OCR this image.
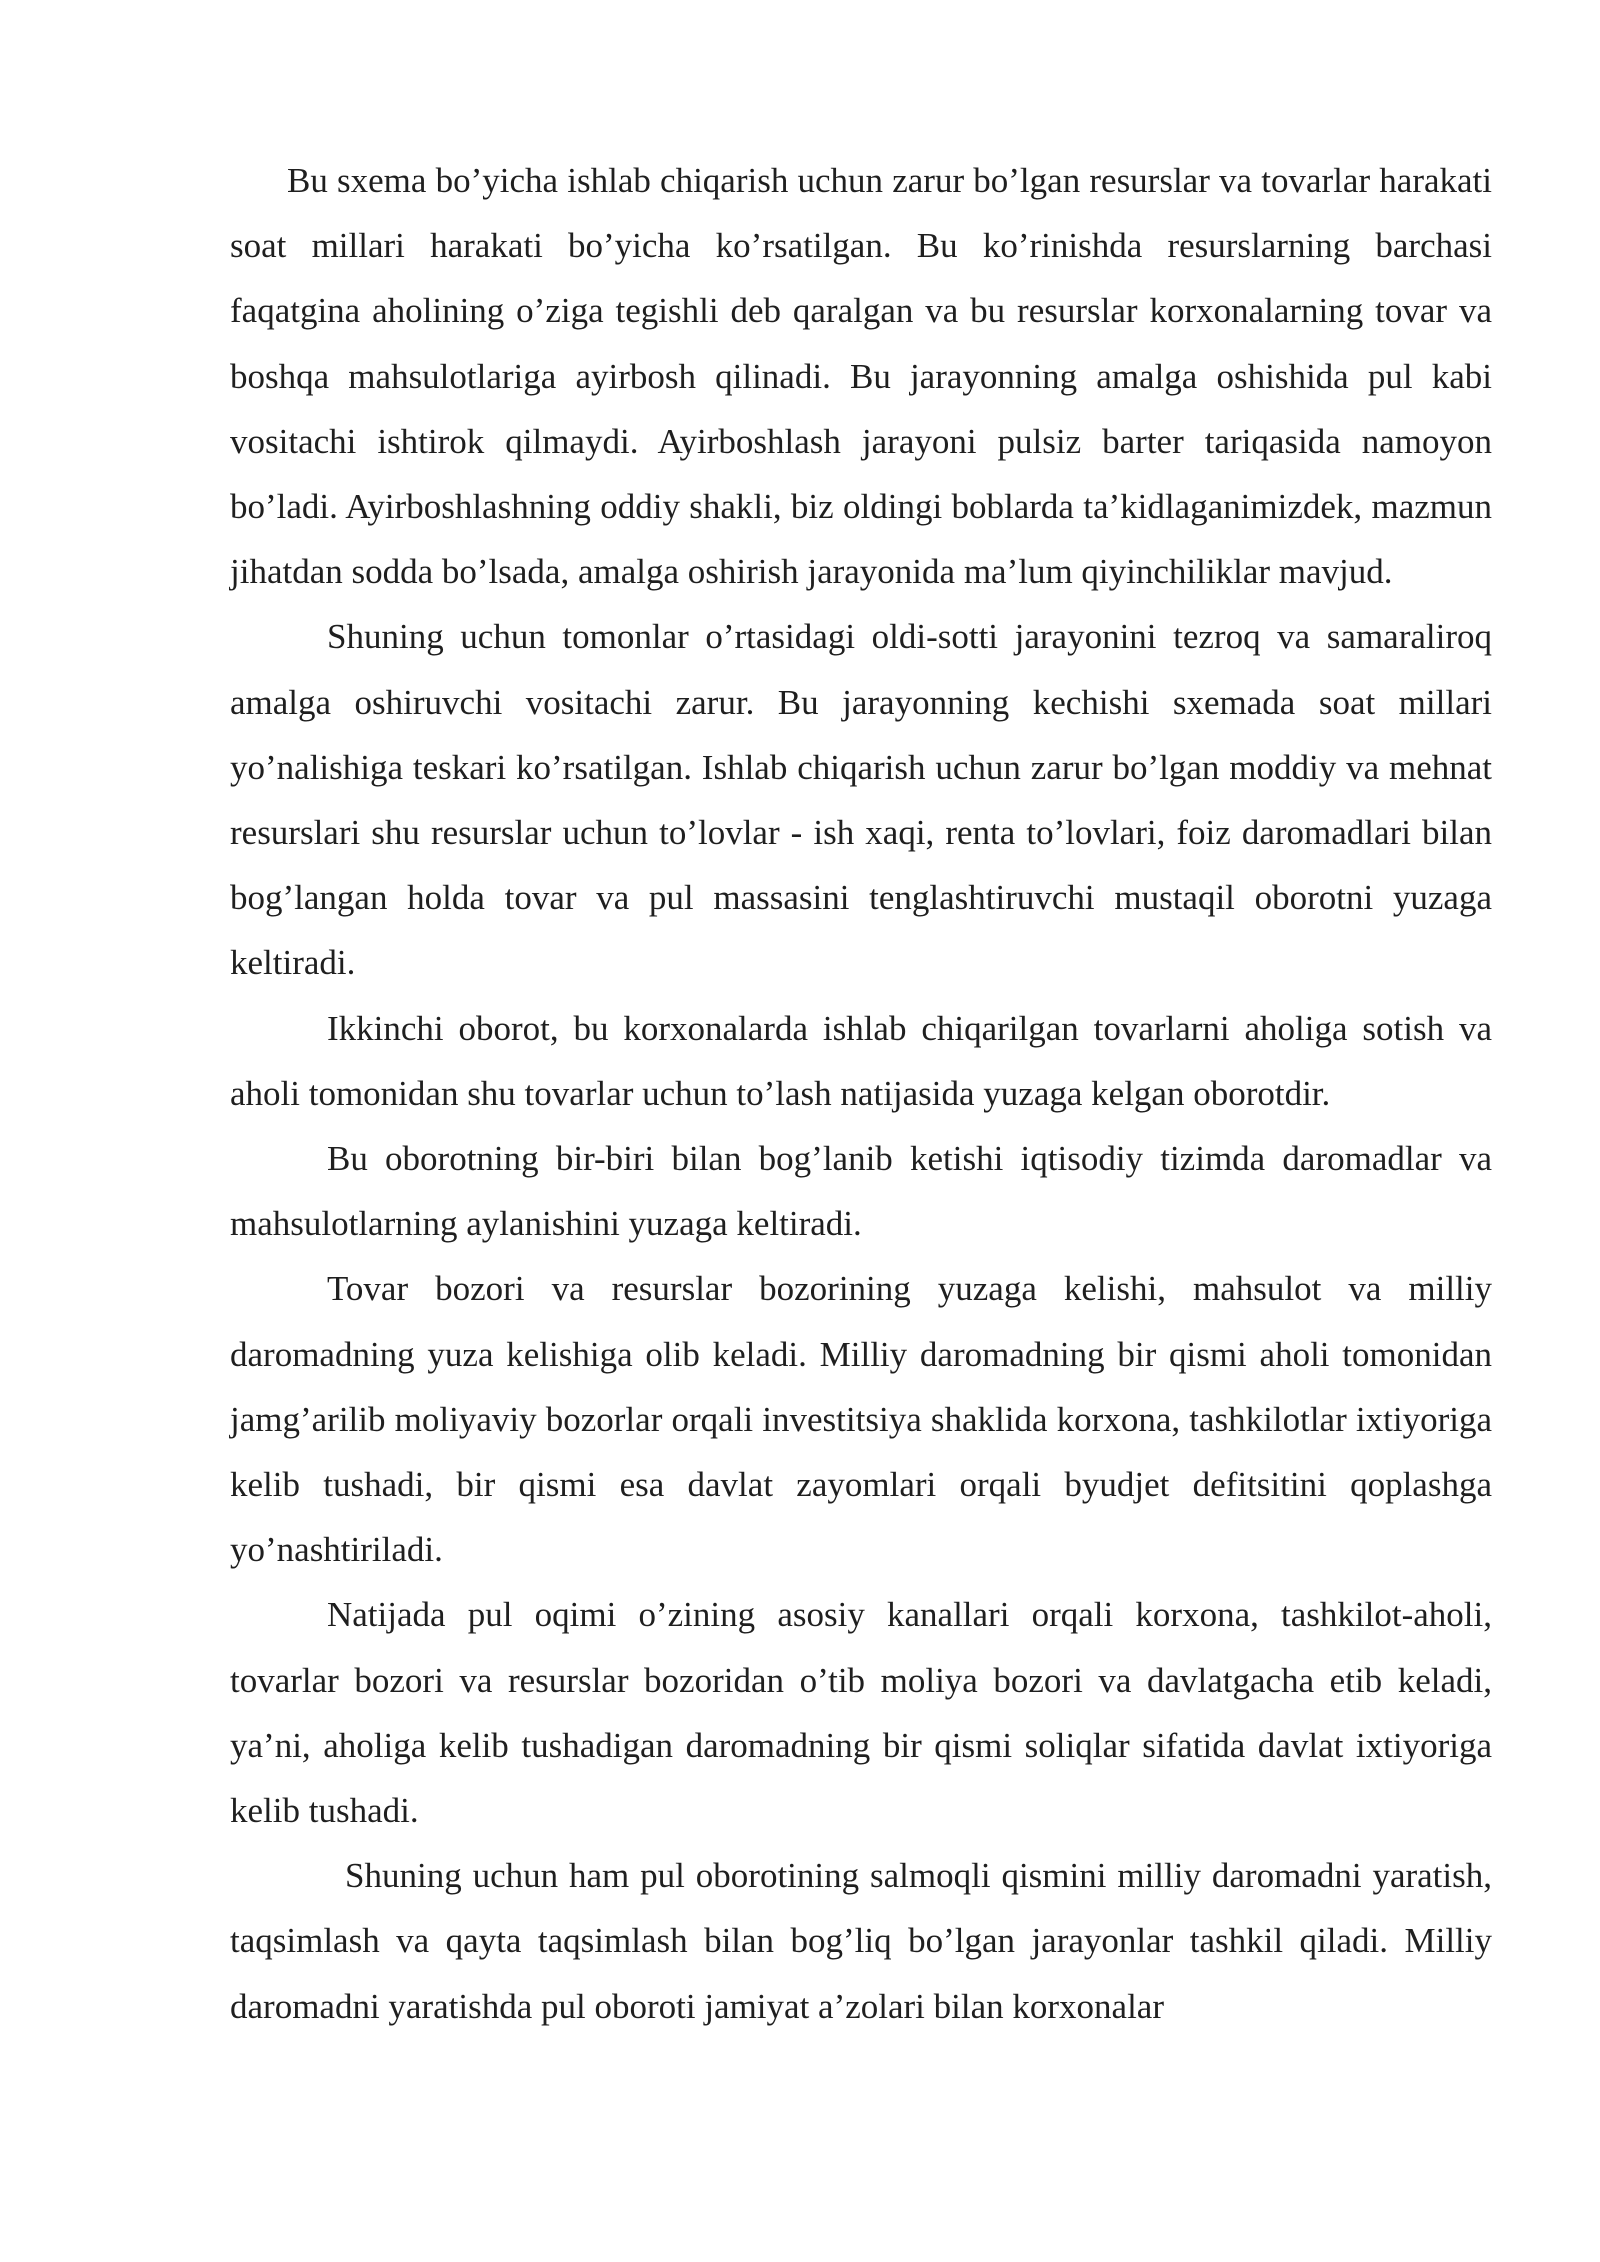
Bu sxema bo’yicha ishlab chiqarish uchun zarur bo’lgan resurslar va tovarlar harakati soat millari harakati bo’yicha ko’rsatilgan. Bu ko’rinishda resurslarning barchasi faqatgina aholining o’ziga tegishli deb qaralgan va bu resurslar korxonalarning tovar va boshqa mahsulotlariga ayirbosh qilinadi. Bu jarayonning amalga oshishida pul kabi vositachi ishtirok qilmaydi. Ayirboshlash jarayoni pulsiz barter tariqasida namoyon bo’ladi. Ayirboshlashning oddiy shakli, biz oldingi boblarda ta’kidlaganimizdek, mazmun jihatdan sodda bo’lsada, amalga oshirish jarayonida ma’lum qiyinchiliklar mavjud.

Shuning uchun tomonlar o’rtasidagi oldi-sotti jarayonini tezroq va samaraliroq amalga oshiruvchi vositachi zarur. Bu jarayonning kechishi sxemada soat millari yo’nalishiga teskari ko’rsatilgan. Ishlab chiqarish uchun zarur bo’lgan moddiy va mehnat resurslari shu resurslar uchun to’lovlar - ish xaqi, renta to’lovlari, foiz daromadlari bilan bog’langan holda tovar va pul massasini tenglashtiruvchi mustaqil oborotni yuzaga keltiradi.

Ikkinchi oborot, bu korxonalarda ishlab chiqarilgan tovarlarni aholiga sotish va aholi tomonidan shu tovarlar uchun to’lash natijasida yuzaga kelgan oborotdir.

Bu oborotning bir-biri bilan bog’lanib ketishi iqtisodiy tizimda daromadlar va mahsulotlarning aylanishini yuzaga keltiradi.

Tovar bozori va resurslar bozorining yuzaga kelishi, mahsulot va milliy daromadning yuza kelishiga olib keladi. Milliy daromadning bir qismi aholi tomonidan jamg’arilib moliyaviy bozorlar orqali investitsiya shaklida korxona, tashkilotlar ixtiyoriga kelib tushadi, bir qismi esa davlat zayomlari orqali byudjet defitsitini qoplashga yo’nashtiriladi.

Natijada pul oqimi o’zining asosiy kanallari orqali korxona, tashkilot-aholi, tovarlar bozori va resurslar bozoridan o’tib moliya bozori va davlatgacha etib keladi, ya’ni, aholiga kelib tushadigan daromadning bir qismi soliqlar sifatida davlat ixtiyoriga kelib tushadi.

Shuning uchun ham pul oborotining salmoqli qismini milliy daromadni yaratish, taqsimlash va qayta taqsimlash bilan bog’liq bo’lgan jarayonlar tashkil qiladi. Milliy daromadni yaratishda pul oboroti jamiyat a’zolari bilan korxonalar
